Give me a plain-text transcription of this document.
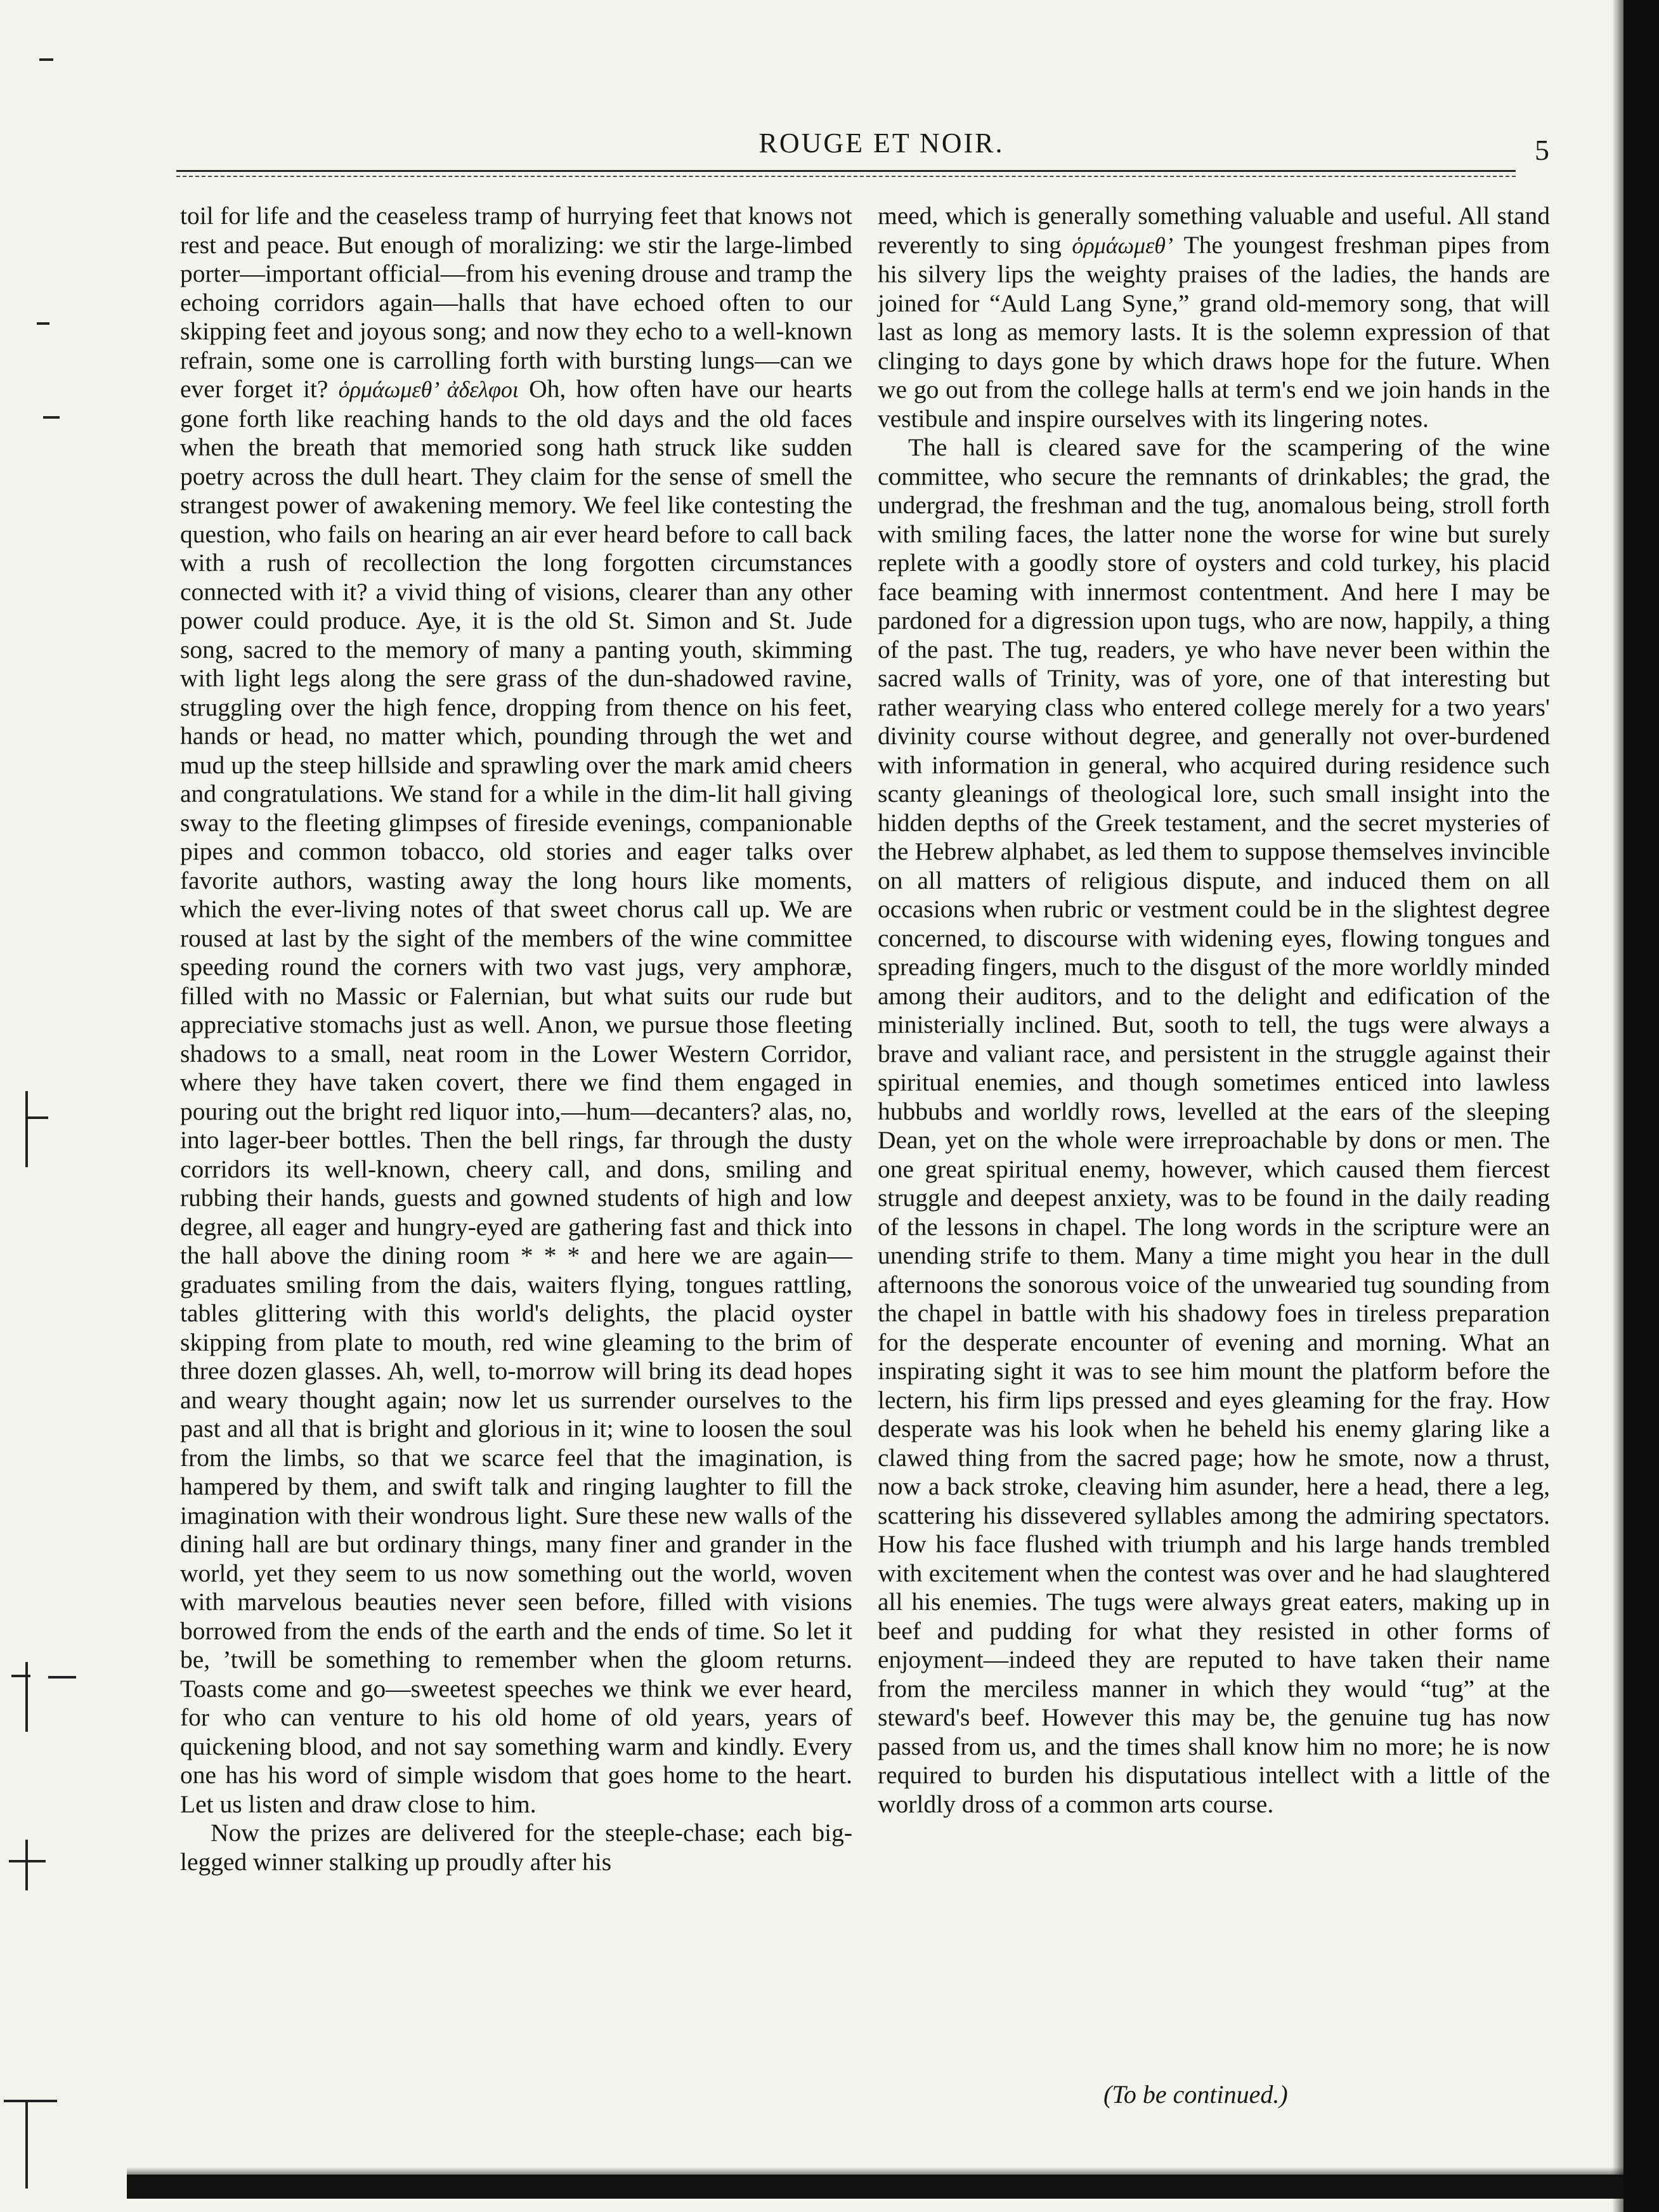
ROUGE ET NOIR.	5

toil for life and the ceaseless tramp of hurrying feet that knows not rest and peace. But enough of moralizing: we stir the large-limbed porter—important official—from his evening drouse and tramp the echoing corridors again—halls that have echoed often to our skipping feet and joyous song; and now they echo to a well-known refrain, some one is carrolling forth with bursting lungs—can we ever forget it? ὁρμάωμεθ’ ἀδελφοι Oh, how often have our hearts gone forth like reaching hands to the old days and the old faces when the breath that memoried song hath struck like sudden poetry across the dull heart. They claim for the sense of smell the strangest power of awakening memory. We feel like contesting the question, who fails on hearing an air ever heard before to call back with a rush of recollection the long forgotten circumstances connected with it? a vivid thing of visions, clearer than any other power could produce. Aye, it is the old St. Simon and St. Jude song, sacred to the memory of many a panting youth, skimming with light legs along the sere grass of the dun-shadowed ravine, struggling over the high fence, dropping from thence on his feet, hands or head, no matter which, pounding through the wet and mud up the steep hillside and sprawling over the mark amid cheers and congratulations. We stand for a while in the dim-lit hall giving sway to the fleeting glimpses of fireside evenings, companionable pipes and common tobacco, old stories and eager talks over favorite authors, wasting away the long hours like moments, which the ever-living notes of that sweet chorus call up. We are roused at last by the sight of the members of the wine committee speeding round the corners with two vast jugs, very amphoræ, filled with no Massic or Falernian, but what suits our rude but appreciative stomachs just as well. Anon, we pursue those fleeting shadows to a small, neat room in the Lower Western Corridor, where they have taken covert, there we find them engaged in pouring out the bright red liquor into,—hum—decanters? alas, no, into lager-beer bottles. Then the bell rings, far through the dusty corridors its well-known, cheery call, and dons, smiling and rubbing their hands, guests and gowned students of high and low degree, all eager and hungry-eyed are gathering fast and thick into the hall above the dining room * * * and here we are again—graduates smiling from the dais, waiters flying, tongues rattling, tables glittering with this world's delights, the placid oyster skipping from plate to mouth, red wine gleaming to the brim of three dozen glasses. Ah, well, to-morrow will bring its dead hopes and weary thought again; now let us surrender ourselves to the past and all that is bright and glorious in it; wine to loosen the soul from the limbs, so that we scarce feel that the imagination, is hampered by them, and swift talk and ringing laughter to fill the imagination with their wondrous light. Sure these new walls of the dining hall are but ordinary things, many finer and grander in the world, yet they seem to us now something out the world, woven with marvelous beauties never seen before, filled with visions borrowed from the ends of the earth and the ends of time. So let it be, ’twill be something to remember when the gloom returns. Toasts come and go—sweetest speeches we think we ever heard, for who can venture to his old home of old years, years of quickening blood, and not say something warm and kindly. Every one has his word of simple wisdom that goes home to the heart. Let us listen and draw close to him.

Now the prizes are delivered for the steeple-chase; each big-legged winner stalking up proudly after his

meed, which is generally something valuable and useful. All stand reverently to sing ὁρμάωμεθ’ The youngest freshman pipes from his silvery lips the weighty praises of the ladies, the hands are joined for “Auld Lang Syne,” grand old-memory song, that will last as long as memory lasts. It is the solemn expression of that clinging to days gone by which draws hope for the future. When we go out from the college halls at term's end we join hands in the vestibule and inspire ourselves with its lingering notes.

The hall is cleared save for the scampering of the wine committee, who secure the remnants of drinkables; the grad, the undergrad, the freshman and the tug, anomalous being, stroll forth with smiling faces, the latter none the worse for wine but surely replete with a goodly store of oysters and cold turkey, his placid face beaming with innermost contentment. And here I may be pardoned for a digression upon tugs, who are now, happily, a thing of the past. The tug, readers, ye who have never been within the sacred walls of Trinity, was of yore, one of that interesting but rather wearying class who entered college merely for a two years' divinity course without degree, and generally not over-burdened with information in general, who acquired during residence such scanty gleanings of theological lore, such small insight into the hidden depths of the Greek testament, and the secret mysteries of the Hebrew alphabet, as led them to suppose themselves invincible on all matters of religious dispute, and induced them on all occasions when rubric or vestment could be in the slightest degree concerned, to discourse with widening eyes, flowing tongues and spreading fingers, much to the disgust of the more worldly minded among their auditors, and to the delight and edification of the ministerially inclined. But, sooth to tell, the tugs were always a brave and valiant race, and persistent in the struggle against their spiritual enemies, and though sometimes enticed into lawless hubbubs and worldly rows, levelled at the ears of the sleeping Dean, yet on the whole were irreproachable by dons or men. The one great spiritual enemy, however, which caused them fiercest struggle and deepest anxiety, was to be found in the daily reading of the lessons in chapel. The long words in the scripture were an unending strife to them. Many a time might you hear in the dull afternoons the sonorous voice of the unwearied tug sounding from the chapel in battle with his shadowy foes in tireless preparation for the desperate encounter of evening and morning. What an inspirating sight it was to see him mount the platform before the lectern, his firm lips pressed and eyes gleaming for the fray. How desperate was his look when he beheld his enemy glaring like a clawed thing from the sacred page; how he smote, now a thrust, now a back stroke, cleaving him asunder, here a head, there a leg, scattering his dissevered syllables among the admiring spectators. How his face flushed with triumph and his large hands trembled with excitement when the contest was over and he had slaughtered all his enemies. The tugs were always great eaters, making up in beef and pudding for what they resisted in other forms of enjoyment—indeed they are reputed to have taken their name from the merciless manner in which they would “tug” at the steward's beef. However this may be, the genuine tug has now passed from us, and the times shall know him no more; he is now required to burden his disputatious intellect with a little of the worldly dross of a common arts course.

(To be continued.)
